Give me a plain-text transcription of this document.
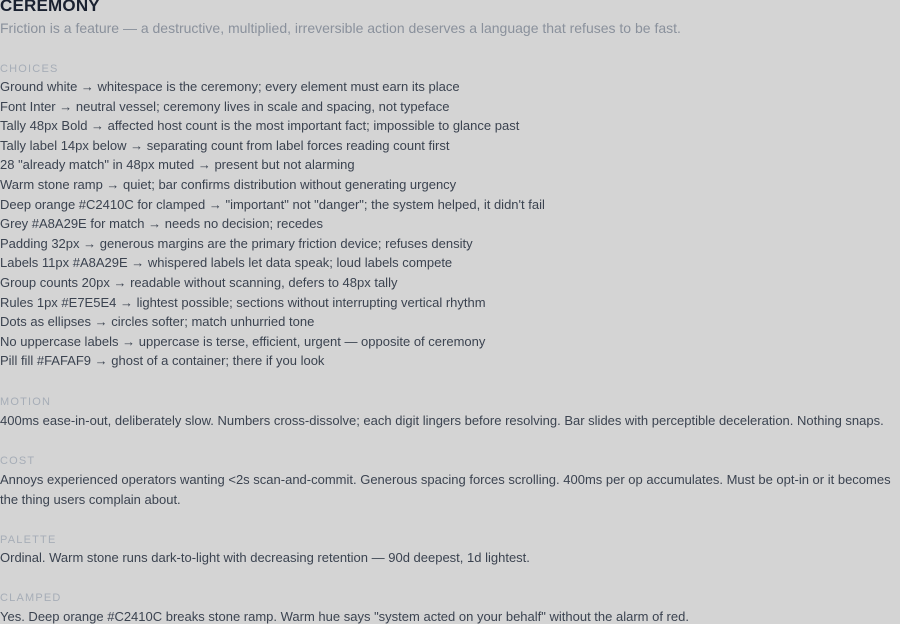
CEREMONY
Friction is a feature — a destructive, multiplied, irreversible action deserves a language that refuses to be fast.
CHOICES
Ground white → whitespace is the ceremony; every element must earn its place
Font Inter → neutral vessel; ceremony lives in scale and spacing, not typeface
Tally 48px Bold → affected host count is the most important fact; impossible to glance past
Tally label 14px below → separating count from label forces reading count first
28 "already match" in 48px muted → present but not alarming
Warm stone ramp → quiet; bar confirms distribution without generating urgency
Deep orange #C2410C for clamped → "important" not "danger"; the system helped, it didn't fail
Grey #A8A29E for match → needs no decision; recedes
Padding 32px → generous margins are the primary friction device; refuses density
Labels 11px #A8A29E → whispered labels let data speak; loud labels compete
Group counts 20px → readable without scanning, defers to 48px tally
Rules 1px #E7E5E4 → lightest possible; sections without interrupting vertical rhythm
Dots as ellipses → circles softer; match unhurried tone
No uppercase labels → uppercase is terse, efficient, urgent — opposite of ceremony
Pill fill #FAFAF9 → ghost of a container; there if you look
MOTION
400ms ease-in-out, deliberately slow. Numbers cross-dissolve; each digit lingers before resolving. Bar slides with perceptible deceleration. Nothing snaps.
COST
Annoys experienced operators wanting <2s scan-and-commit. Generous spacing forces scrolling. 400ms per op accumulates. Must be opt-in or it becomes the thing users complain about.
PALETTE
Ordinal. Warm stone runs dark-to-light with decreasing retention — 90d deepest, 1d lightest.
CLAMPED
Yes. Deep orange #C2410C breaks stone ramp. Warm hue says "system acted on your behalf" without the alarm of red.
